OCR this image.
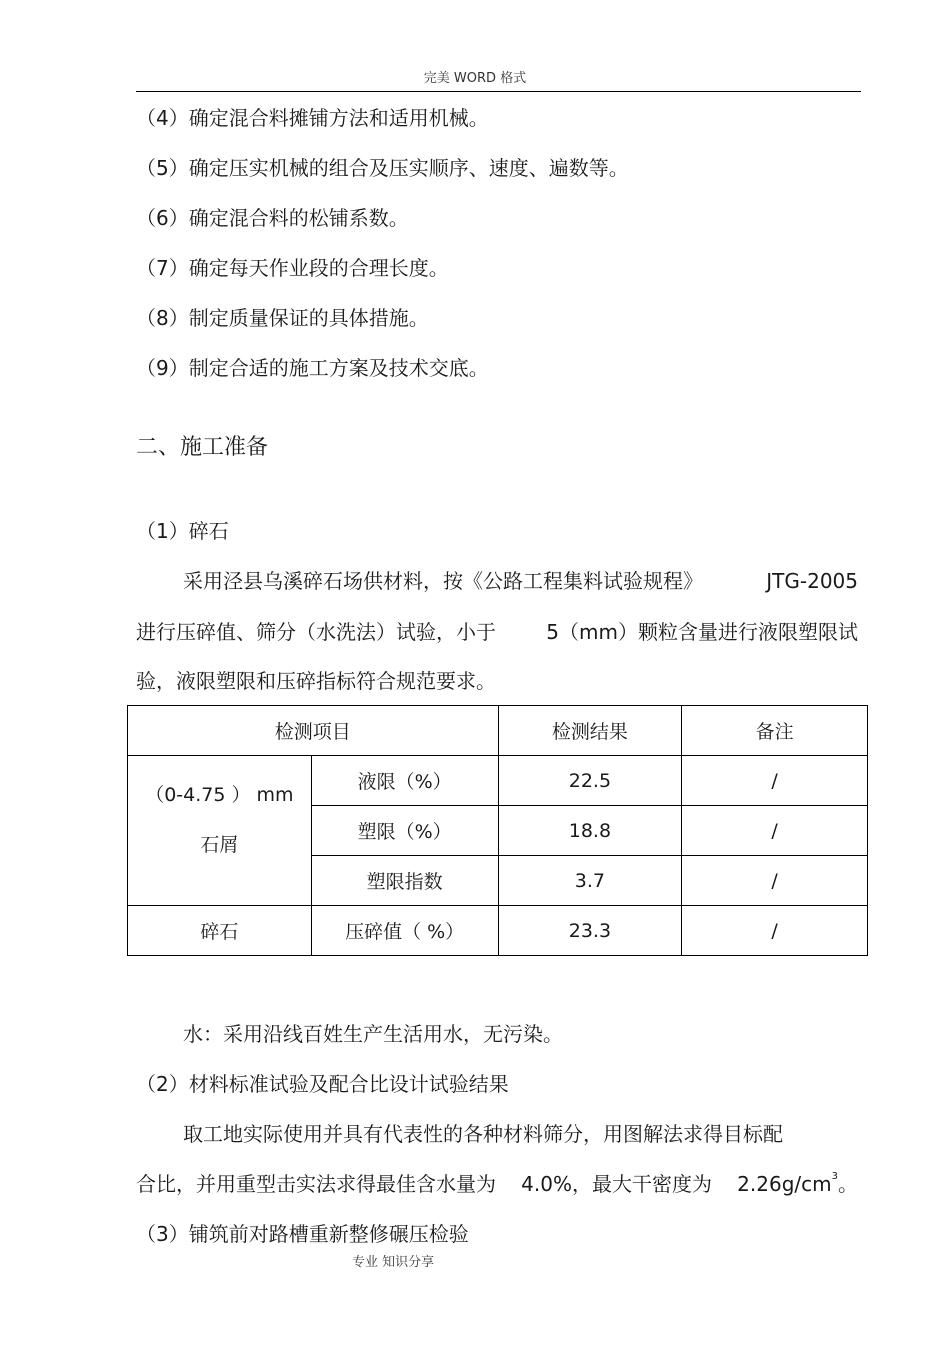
完美 WORD 格式
（4）确定混合料摊铺方法和适用机械。
（5）确定压实机械的组合及压实顺序、速度、遍数等。
（6）确定混合料的松铺系数。
（7）确定每天作业段的合理长度。
（8）制定质量保证的具体措施。
（9）制定合适的施工方案及技术交底。
二、施工准备
（1）碎石
采用泾县乌溪碎石场供材料，按《公路工程集料试验规程》	JTG-2005
进行压碎值、筛分（水洗法）试验，小于	5（mm）颗粒含量进行液限塑限试
验，液限塑限和压碎指标符合规范要求。
检测项目		检测结果	备注

（0-4.75 ） mm
石屑	液限（%）	22.5	/
	塑限（%）	18.8	/
	塑限指数	3.7	/
碎石	压碎值（ %）	23.3	/
水：采用沿线百姓生产生活用水，无污染。
（2）材料标准试验及配合比设计试验结果
取工地实际使用并具有代表性的各种材料筛分，用图解法求得目标配
合比，并用重型击实法求得最佳含水量为 4.0%，最大干密度为 $2.26g/cm^3$。
（3）铺筑前对路槽重新整修碾压检验
专业 知识分享
